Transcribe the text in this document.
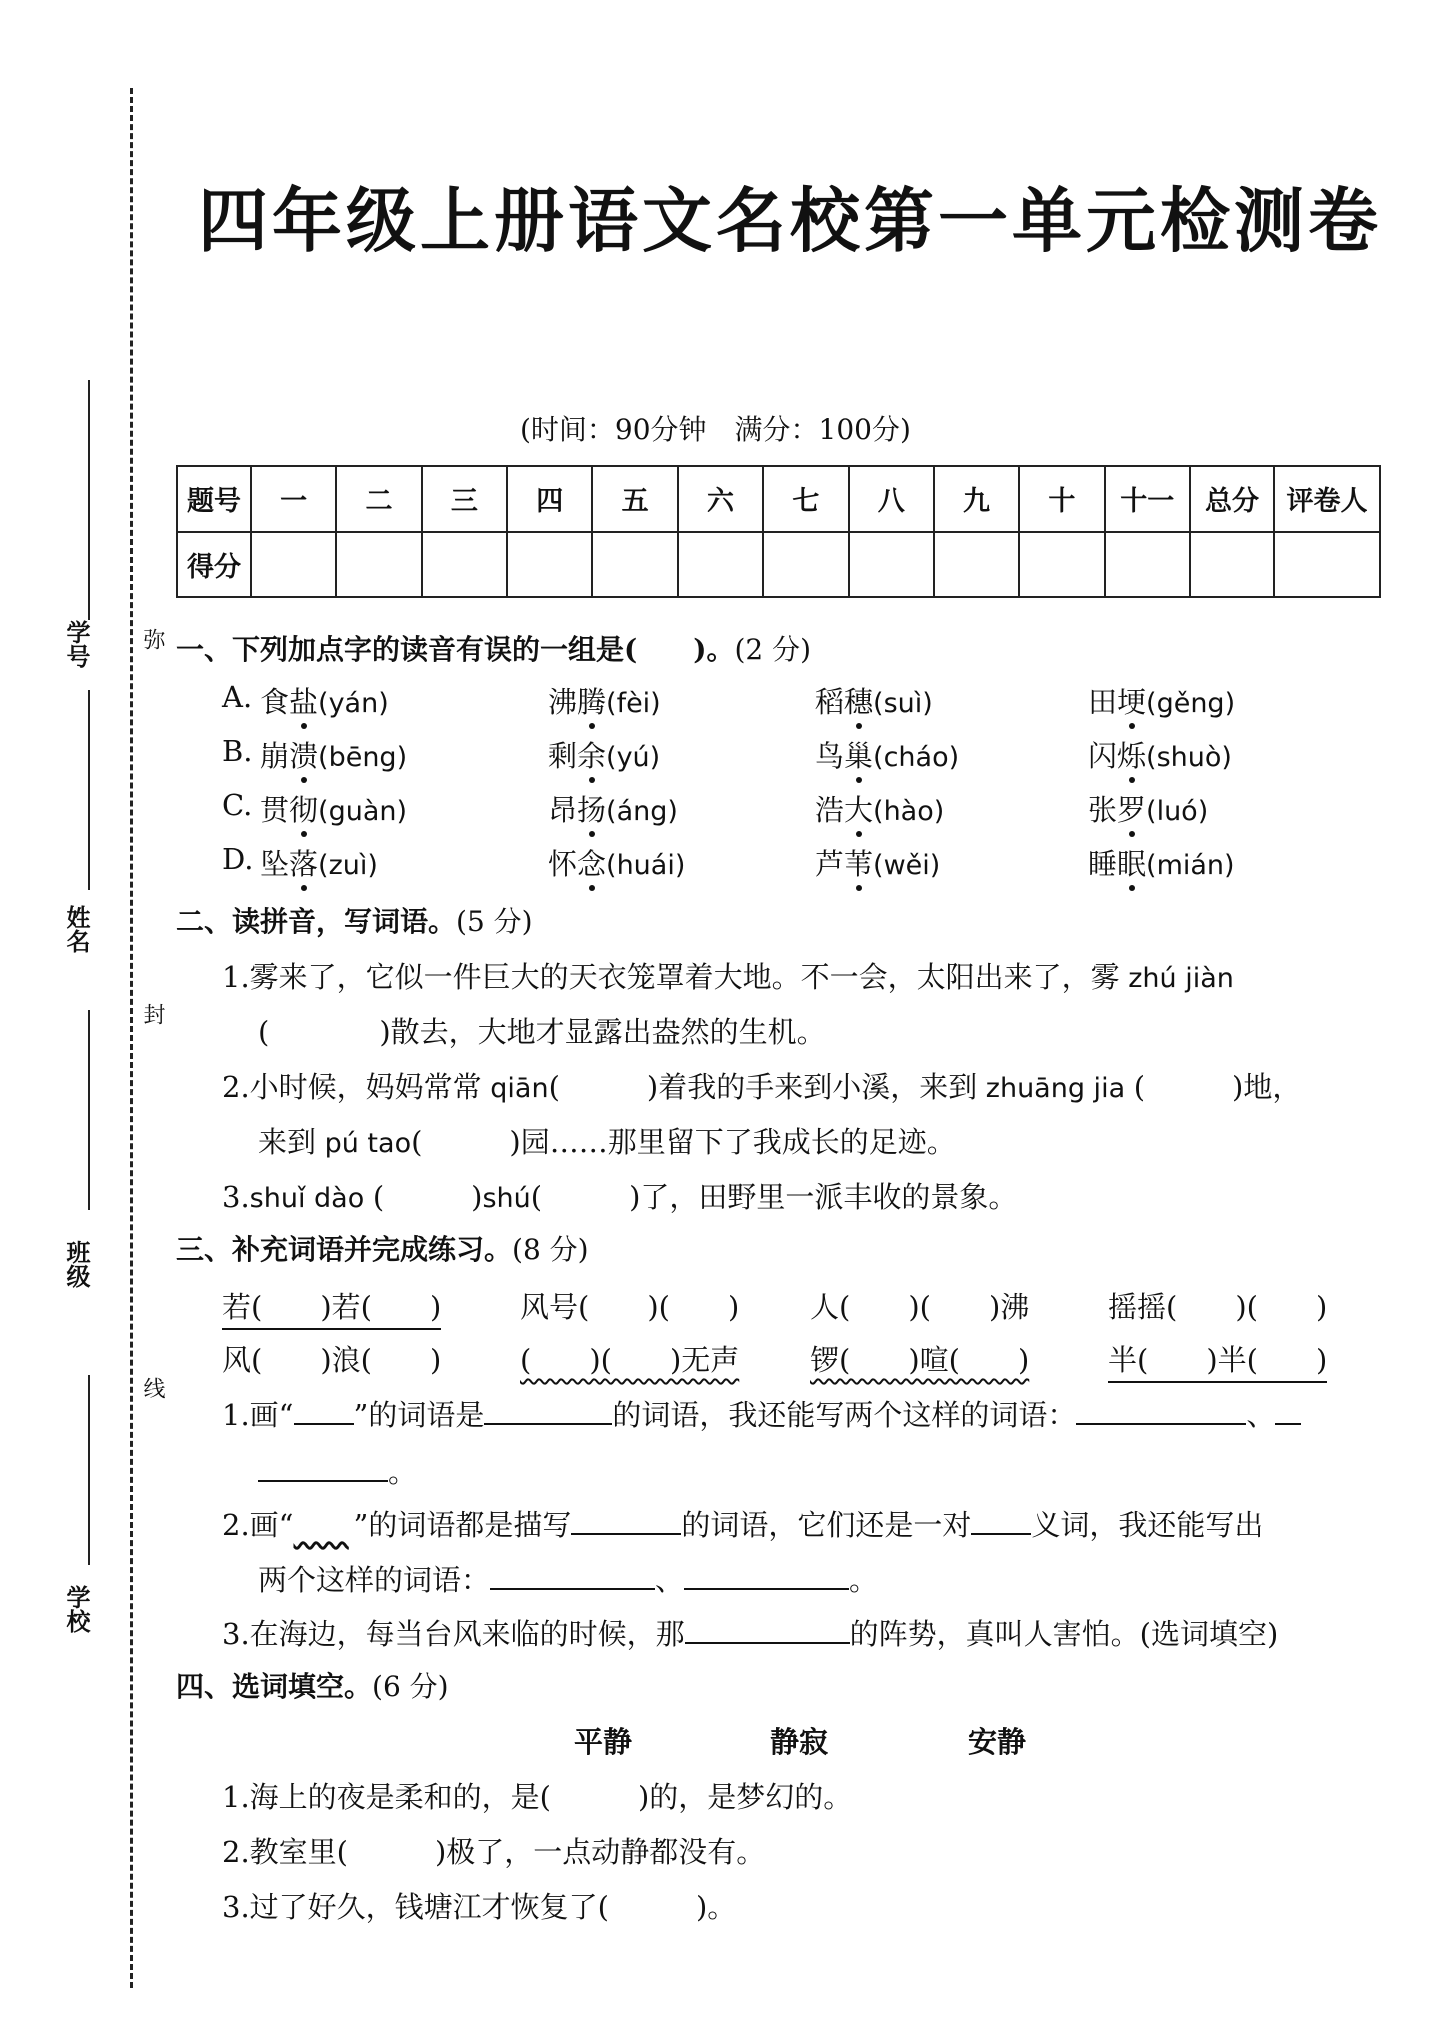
弥
封
线
学号
姓名
班级
学校
四年级上册语文名校第一单元检测卷
(时间：90分钟　满分：100分)
题号	一	二	三	四	五	六	七	八	九	十	十一	总分	评卷人
得分													
一、下列加点字的读音有误的一组是(　　)。(2 分)
A. 食盐(yán)	沸腾(fèi)	稻穗(suì)	田埂(gěng)
B. 崩溃(bēng)	剩余(yú)	鸟巢(cháo)	闪烁(shuò)
C. 贯彻(guàn)	昂扬(áng)	浩大(hào)	张罗(luó)
D. 坠落(zuì)	怀念(huái)	芦苇(wěi)	睡眠(mián)
二、读拼音，写词语。(5 分)
1.雾来了，它似一件巨大的天衣笼罩着大地。不一会，太阳出来了，雾 zhú jiàn
(	)散去，大地才显露出盎然的生机。
2.小时候，妈妈常常 qiān(　　　)着我的手来到小溪，来到 zhuāng jia (　　　)地，
来到 pú tao(　　　)园……那里留下了我成长的足迹。
3.shuǐ dào (　　　)shú(　　　)了，田野里一派丰收的景象。
三、补充词语并完成练习。(8 分)
若(　　)若(　　)	风号(　　)(　　) 人(　　)(　　)沸	摇摇(　　)(　　)
风(　　)浪(　　)	(　　)(　　)无声 锣(　　)喧(　　)	半(　　)半(　　)
1.画“ ”的词语是	的词语，我还能写两个这样的词语：	、
。
2.画“ ”的词语都是描写	的词语，它们还是一对 义词，我还能写出
两个这样的词语：	、	。
3.在海边，每当台风来临的时候，那	的阵势，真叫人害怕。(选词填空)
四、选词填空。(6 分)
平静	静寂	安静
1.海上的夜是柔和的，是(　　　)的，是梦幻的。
2.教室里(　　　)极了，一点动静都没有。
3.过了好久，钱塘江才恢复了(　　　)。
